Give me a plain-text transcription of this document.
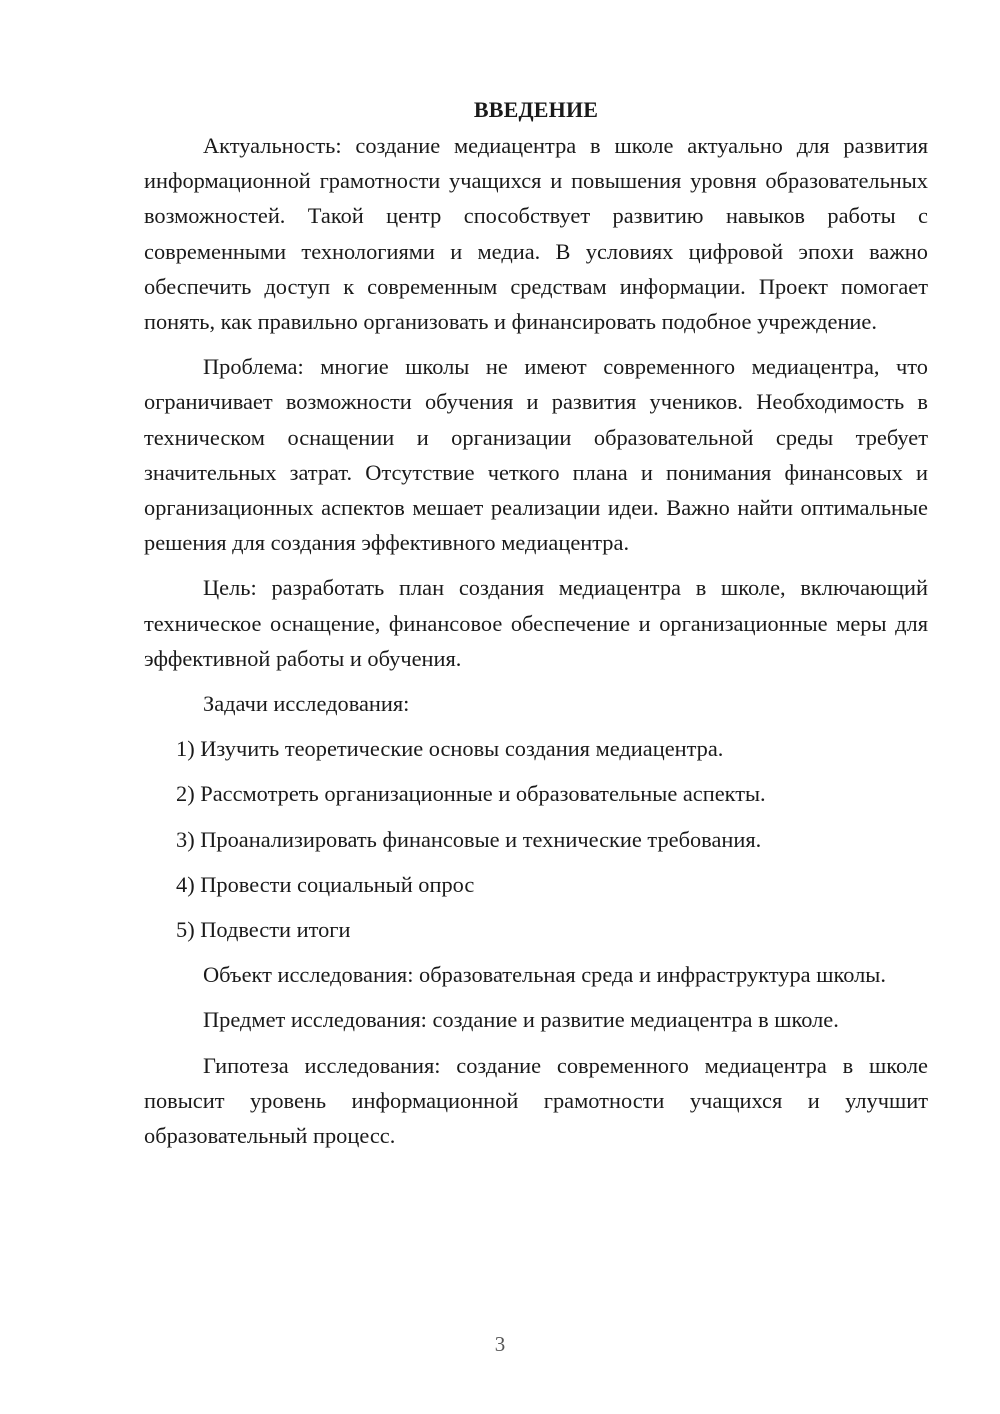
ВВЕДЕНИЕ

Актуальность: создание медиацентра в школе актуально для развития информационной грамотности учащихся и повышения уровня образовательных возможностей. Такой центр способствует развитию навыков работы с современными технологиями и медиа. В условиях цифровой эпохи важно обеспечить доступ к современным средствам информации. Проект помогает понять, как правильно организовать и финансировать подобное учреждение.

Проблема: многие школы не имеют современного медиацентра, что ограничивает возможности обучения и развития учеников. Необходимость в техническом оснащении и организации образовательной среды требует значительных затрат. Отсутствие четкого плана и понимания финансовых и организационных аспектов мешает реализации идеи. Важно найти оптимальные решения для создания эффективного медиацентра.

Цель: разработать план создания медиацентра в школе, включающий техническое оснащение, финансовое обеспечение и организационные меры для эффективной работы и обучения.

Задачи исследования:

1) Изучить теоретические основы создания медиацентра.

2) Рассмотреть организационные и образовательные аспекты.

3) Проанализировать финансовые и технические требования.

4) Провести социальный опрос

5) Подвести итоги

Объект исследования: образовательная среда и инфраструктура школы.

Предмет исследования: создание и развитие медиацентра в школе.

Гипотеза исследования: создание современного медиацентра в школе повысит уровень информационной грамотности учащихся и улучшит образовательный процесс.

3
